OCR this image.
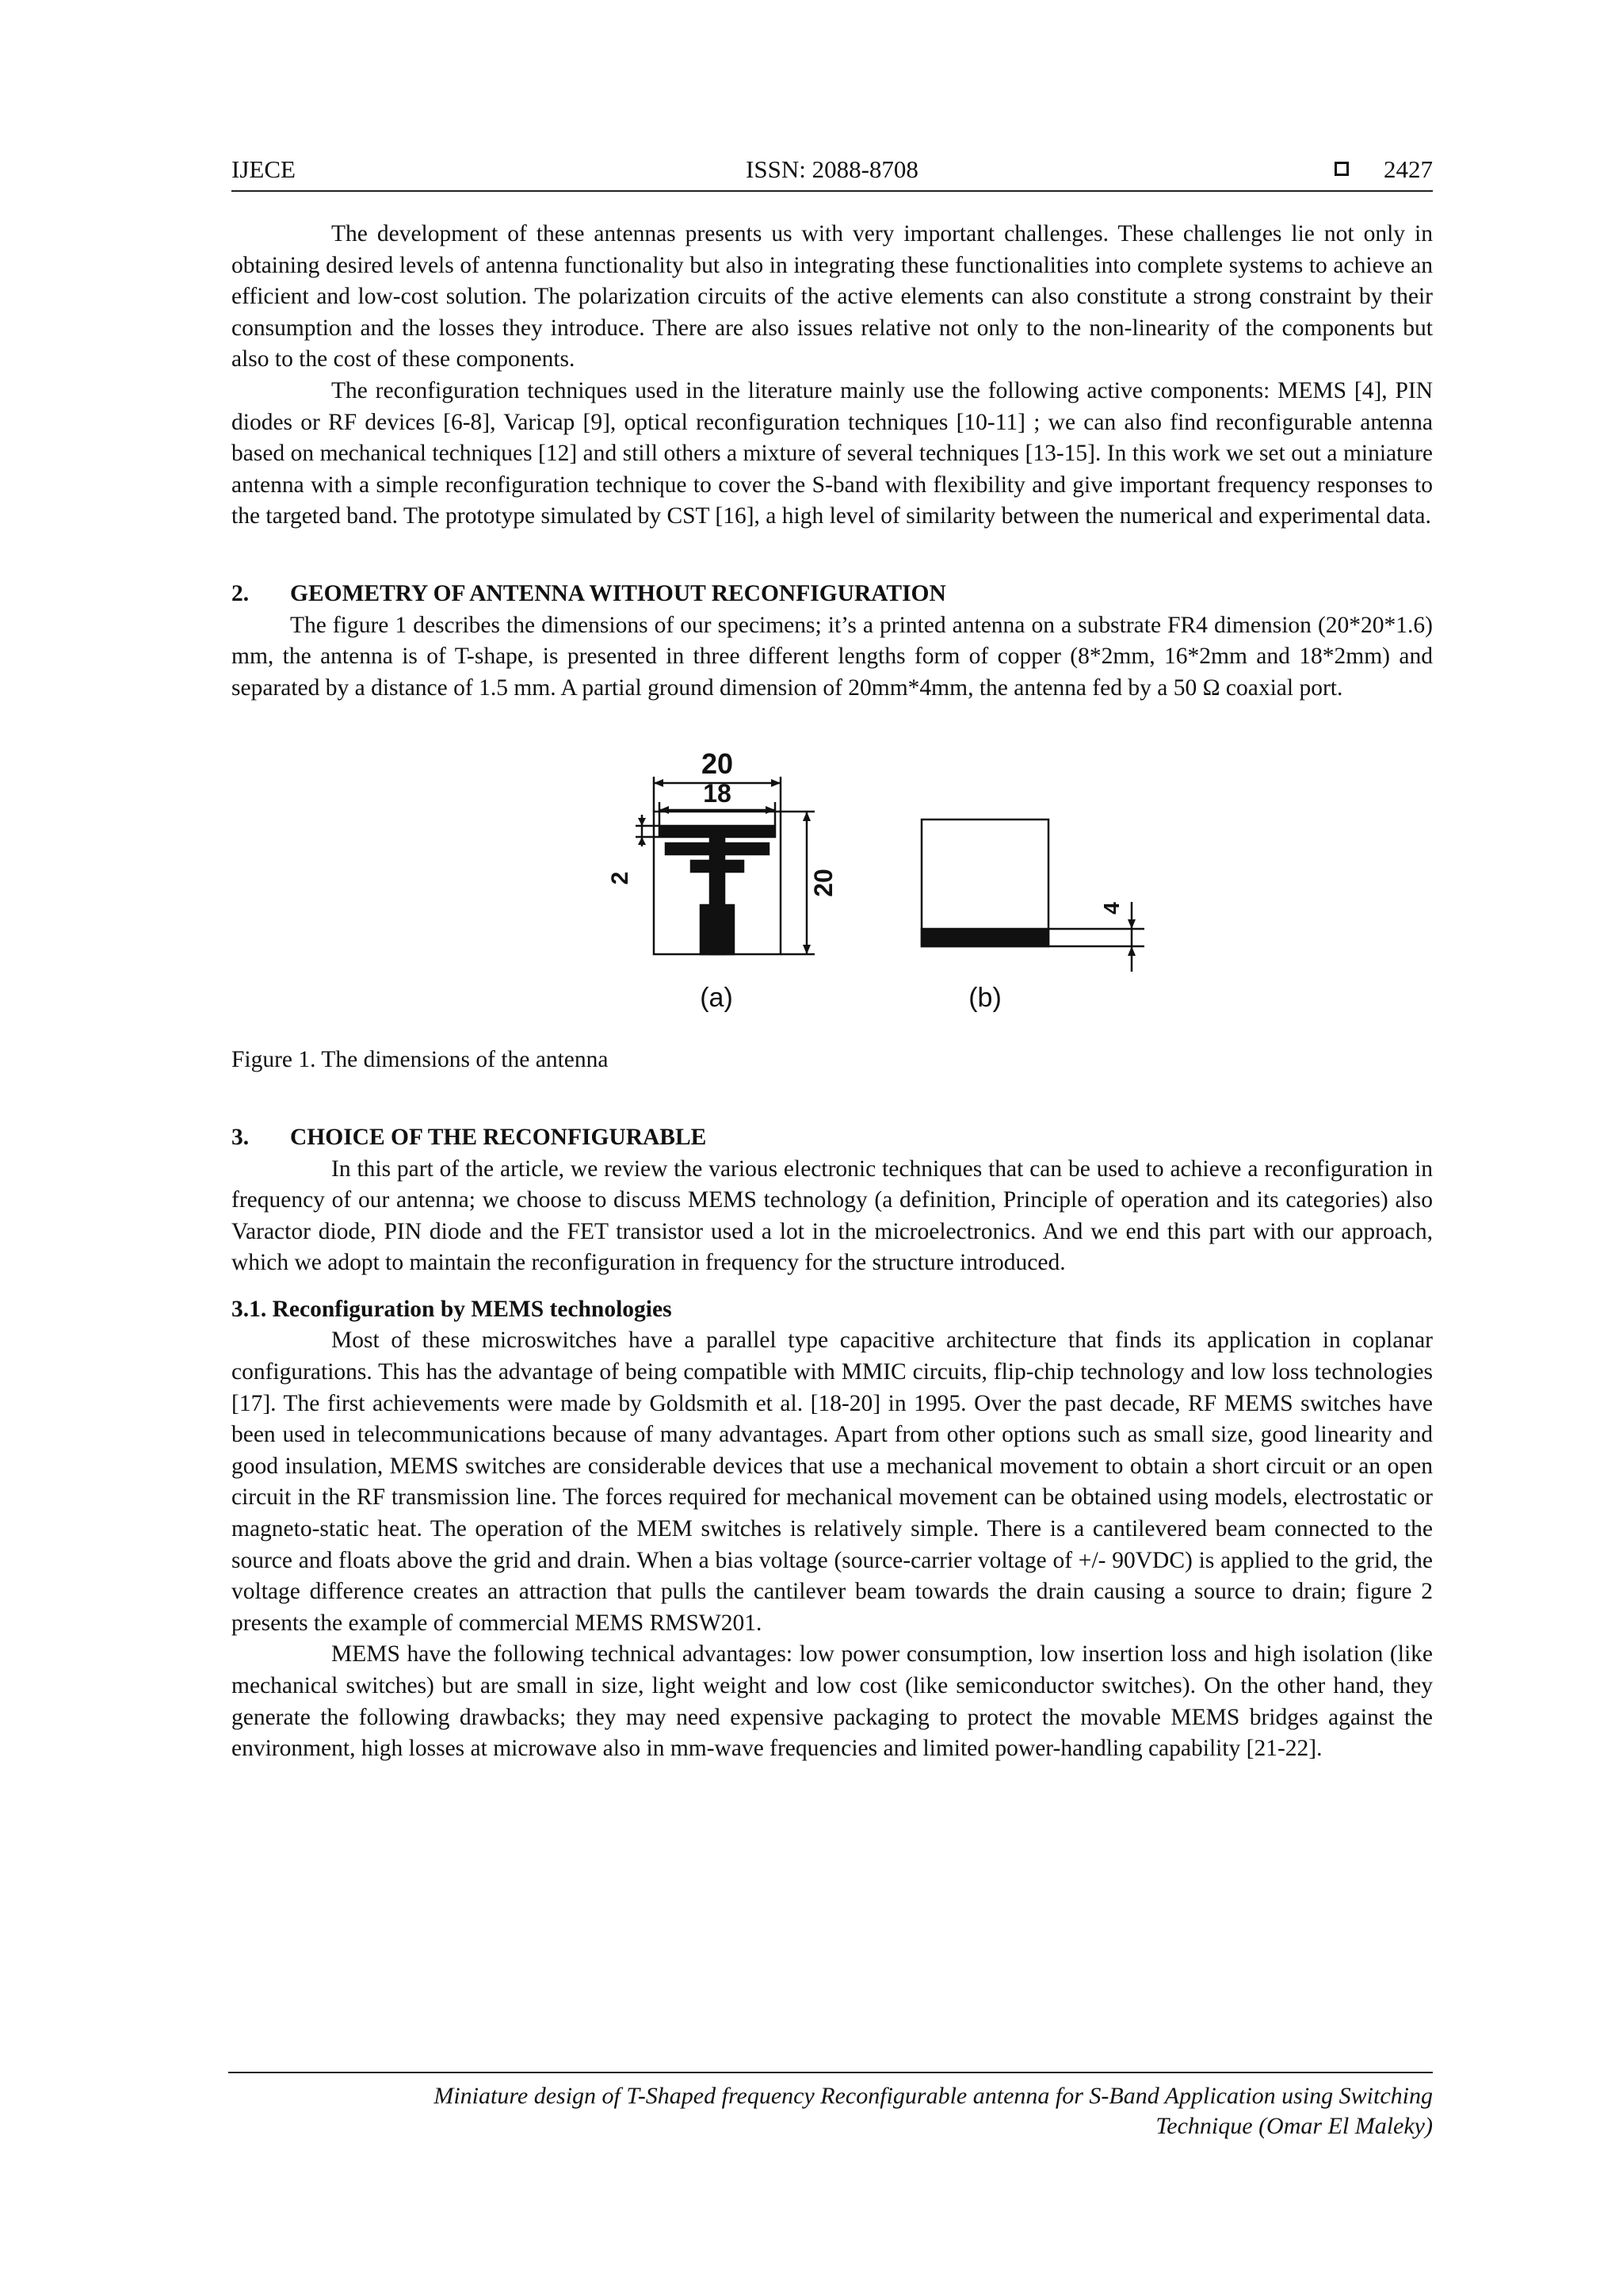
IJECE	ISSN: 2088-8708	2427

The development of these antennas presents us with very important challenges. These challenges lie not only in obtaining desired levels of antenna functionality but also in integrating these functionalities into complete systems to achieve an efficient and low-cost solution. The polarization circuits of the active elements can also constitute a strong constraint by their consumption and the losses they introduce. There are also issues relative not only to the non-linearity of the components but also to the cost of these components.

The reconfiguration techniques used in the literature mainly use the following active components: MEMS [4], PIN diodes or RF devices [6-8], Varicap [9], optical reconfiguration techniques [10-11] ; we can also find reconfigurable antenna based on mechanical techniques [12] and still others a mixture of several techniques [13-15]. In this work we set out a miniature antenna with a simple reconfiguration technique to cover the S-band with flexibility and give important frequency responses to the targeted band. The prototype simulated by CST [16], a high level of similarity between the numerical and experimental data.

2. GEOMETRY OF ANTENNA WITHOUT RECONFIGURATION

The figure 1 describes the dimensions of our specimens; it’s a printed antenna on a substrate FR4 dimension (20*20*1.6) mm, the antenna is of T-shape, is presented in three different lengths form of copper (8*2mm, 16*2mm and 18*2mm) and separated by a distance of 1.5 mm. A partial ground dimension of 20mm*4mm, the antenna fed by a 50 Ω coaxial port.

20
18
20
2
4
(a)	(b)

Figure 1. The dimensions of the antenna

3. CHOICE OF THE RECONFIGURABLE

In this part of the article, we review the various electronic techniques that can be used to achieve a reconfiguration in frequency of our antenna; we choose to discuss MEMS technology (a definition, Principle of operation and its categories) also Varactor diode, PIN diode and the FET transistor used a lot in the microelectronics. And we end this part with our approach, which we adopt to maintain the reconfiguration in frequency for the structure introduced.

3.1. Reconfiguration by MEMS technologies

Most of these microswitches have a parallel type capacitive architecture that finds its application in coplanar configurations. This has the advantage of being compatible with MMIC circuits, flip-chip technology and low loss technologies [17]. The first achievements were made by Goldsmith et al. [18-20] in 1995. Over the past decade, RF MEMS switches have been used in telecommunications because of many advantages. Apart from other options such as small size, good linearity and good insulation, MEMS switches are considerable devices that use a mechanical movement to obtain a short circuit or an open circuit in the RF transmission line. The forces required for mechanical movement can be obtained using models, electrostatic or magneto-static heat. The operation of the MEM switches is relatively simple. There is a cantilevered beam connected to the source and floats above the grid and drain. When a bias voltage (source-carrier voltage of +/- 90VDC) is applied to the grid, the voltage difference creates an attraction that pulls the cantilever beam towards the drain causing a source to drain; figure 2 presents the example of commercial MEMS RMSW201.

MEMS have the following technical advantages: low power consumption, low insertion loss and high isolation (like mechanical switches) but are small in size, light weight and low cost (like semiconductor switches). On the other hand, they generate the following drawbacks; they may need expensive packaging to protect the movable MEMS bridges against the environment, high losses at microwave also in mm-wave frequencies and limited power-handling capability [21-22].

Miniature design of T-Shaped frequency Reconfigurable antenna for S-Band Application using Switching
Technique (Omar El Maleky)
